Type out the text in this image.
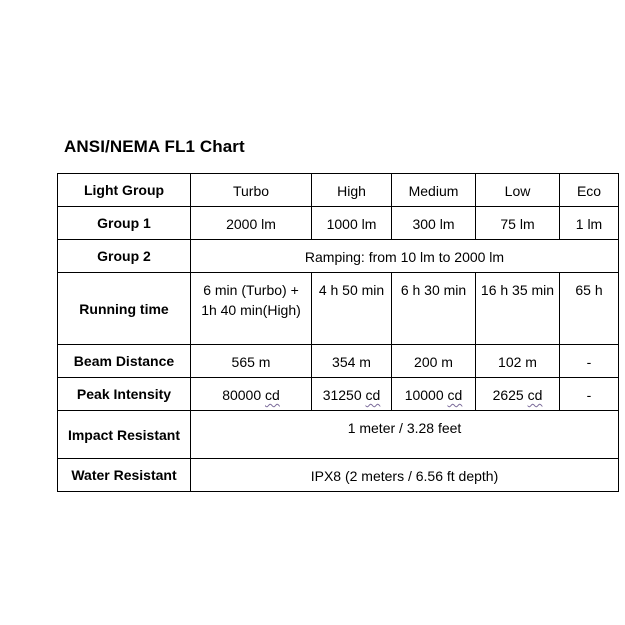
ANSI/NEMA FL1 Chart
Light Group	Turbo	High	Medium	Low	Eco
Group 1	2000 lm	1000 lm	300 lm	75 lm	1 lm
Group 2	Ramping: from 10 lm to 2000 lm				
Running time	6 min (Turbo) + 1h 40 min(High)	4 h 50 min	6 h 30 min	16 h 35 min	65 h
Beam Distance	565 m	354 m	200 m	102 m	-
Peak Intensity	80000 cd	31250 cd	10000 cd	2625 cd	-
Impact Resistant	1 meter / 3.28 feet				
Water Resistant	IPX8 (2 meters / 6.56 ft depth)				
